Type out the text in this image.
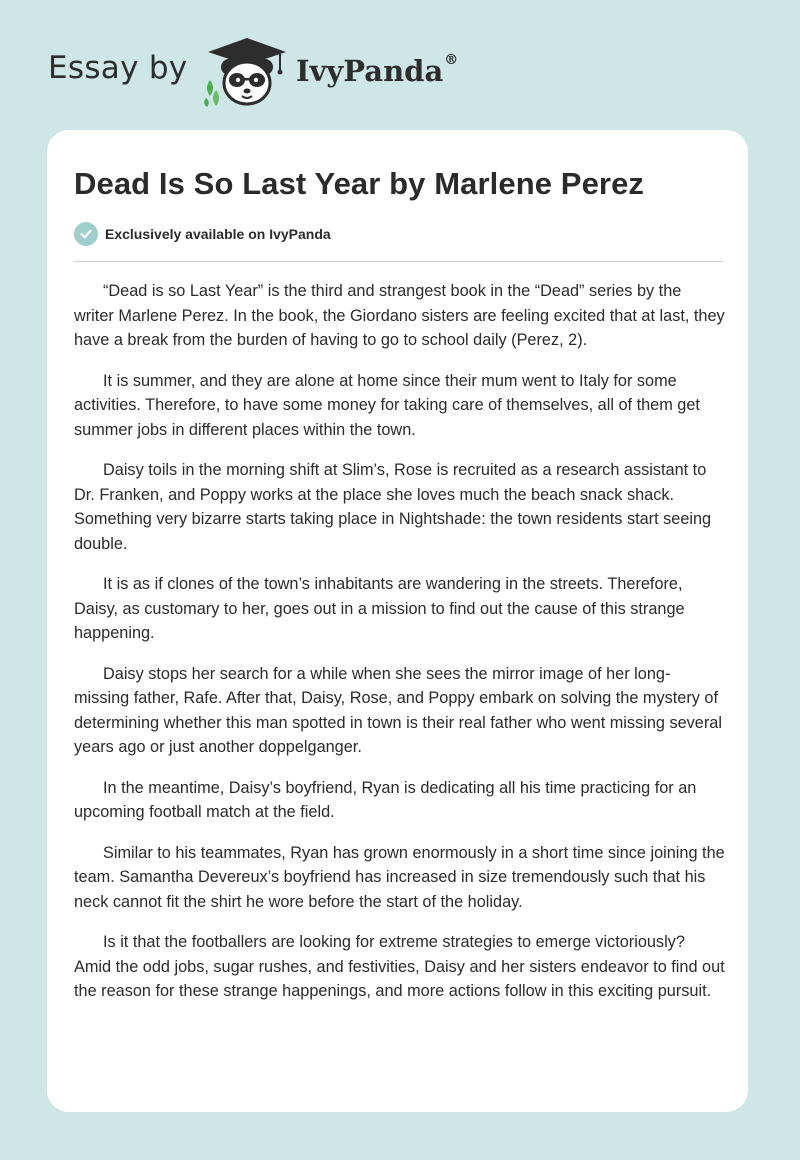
Essay by	IvyPanda®
Dead Is So Last Year by Marlene Perez
Exclusively available on IvyPanda

“Dead is so Last Year” is the third and strangest book in the “Dead” series by the writer Marlene Perez. In the book, the Giordano sisters are feeling excited that at last, they have a break from the burden of having to go to school daily (Perez, 2).

It is summer, and they are alone at home since their mum went to Italy for some activities. Therefore, to have some money for taking care of themselves, all of them get summer jobs in different places within the town.

Daisy toils in the morning shift at Slim’s, Rose is recruited as a research assistant to Dr. Franken, and Poppy works at the place she loves much the beach snack shack. Something very bizarre starts taking place in Nightshade: the town residents start seeing double.

It is as if clones of the town’s inhabitants are wandering in the streets. Therefore, Daisy, as customary to her, goes out in a mission to find out the cause of this strange happening.

Daisy stops her search for a while when she sees the mirror image of her long-missing father, Rafe. After that, Daisy, Rose, and Poppy embark on solving the mystery of determining whether this man spotted in town is their real father who went missing several years ago or just another doppelganger.

In the meantime, Daisy’s boyfriend, Ryan is dedicating all his time practicing for an upcoming football match at the field.

Similar to his teammates, Ryan has grown enormously in a short time since joining the team. Samantha Devereux’s boyfriend has increased in size tremendously such that his neck cannot fit the shirt he wore before the start of the holiday.

Is it that the footballers are looking for extreme strategies to emerge victoriously? Amid the odd jobs, sugar rushes, and festivities, Daisy and her sisters endeavor to find out the reason for these strange happenings, and more actions follow in this exciting pursuit.
